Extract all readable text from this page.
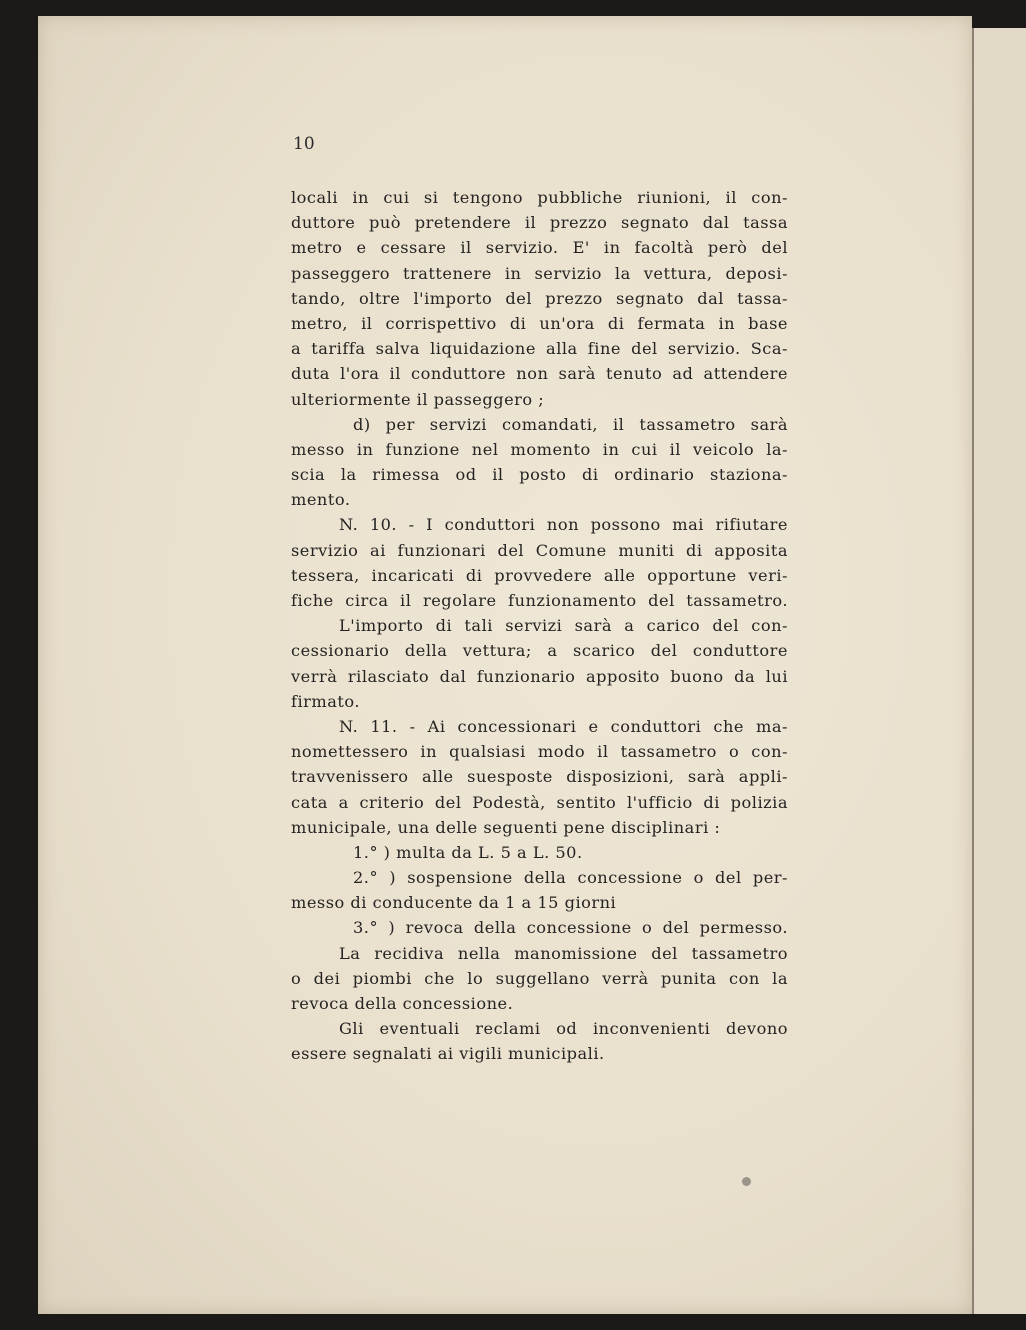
10
locali in cui si tengono pubbliche riunioni, il con-
duttore può pretendere il prezzo segnato dal tassa
metro e cessare il servizio. E' in facoltà però del
passeggero trattenere in servizio la vettura, deposi-
tando, oltre l'importo del prezzo segnato dal tassa-
metro, il corrispettivo di un'ora di fermata in base
a tariffa salva liquidazione alla fine del servizio. Sca-
duta l'ora il conduttore non sarà tenuto ad attendere
ulteriormente il passeggero ;
d) per servizi comandati, il tassametro sarà
messo in funzione nel momento in cui il veicolo la-
scia la rimessa od il posto di ordinario staziona-
mento.
N. 10. - I conduttori non possono mai rifiutare
servizio ai funzionari del Comune muniti di apposita
tessera, incaricati di provvedere alle opportune veri-
fiche circa il regolare funzionamento del tassametro.
L'importo di tali servizi sarà a carico del con-
cessionario della vettura; a scarico del conduttore
verrà rilasciato dal funzionario apposito buono da lui
firmato.
N. 11. - Ai concessionari e conduttori che ma-
nomettessero in qualsiasi modo il tassametro o con-
travvenissero alle suesposte disposizioni, sarà appli-
cata a criterio del Podestà, sentito l'ufficio di polizia
municipale, una delle seguenti pene disciplinari :
1.° ) multa da L. 5 a L. 50.
2.° ) sospensione della concessione o del per-
messo di conducente da 1 a 15 giorni
3.° ) revoca della concessione o del permesso.
La recidiva nella manomissione del tassametro
o dei piombi che lo suggellano verrà punita con la
revoca della concessione.
Gli eventuali reclami od inconvenienti devono
essere segnalati ai vigili municipali.
